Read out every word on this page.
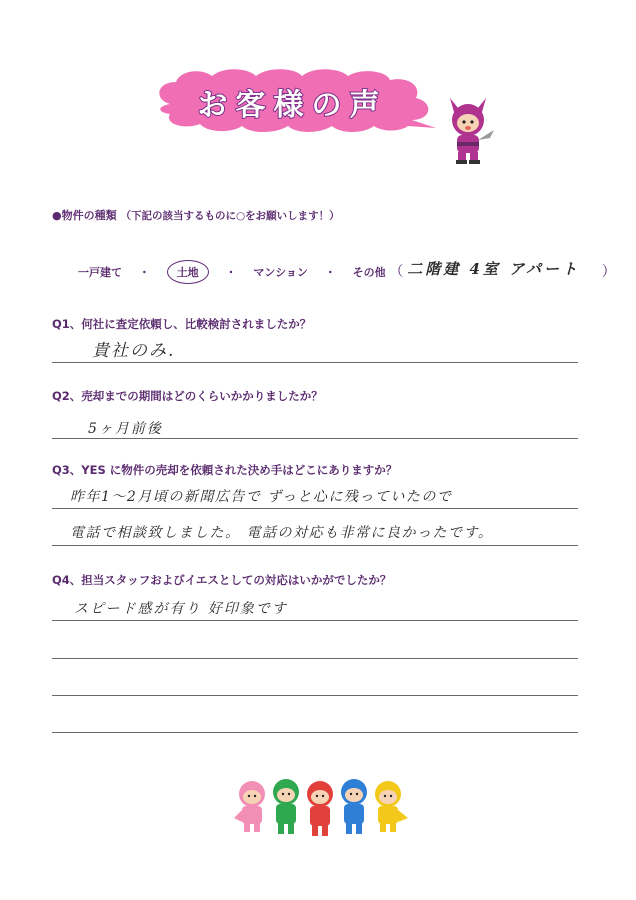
お客様の声
●物件の種類 （下記の該当するものに○をお願いします！）
一戸建て ・ 土地 ・ マンション ・ その他 （ 二階建 4室 アパート ）
Q1、何社に査定依頼し、比較検討されましたか？
貴社のみ.
Q2、売却までの期間はどのくらいかかりましたか？
5ヶ月前後
Q3、YES に物件の売却を依頼された決め手はどこにありますか？
昨年1〜2月頃の新聞広告で ずっと心に残っていたので
電話で相談致しました。 電話の対応も非常に良かったです。
Q4、担当スタッフおよびイエスとしての対応はいかがでしたか？
スピード感が有り 好印象です
